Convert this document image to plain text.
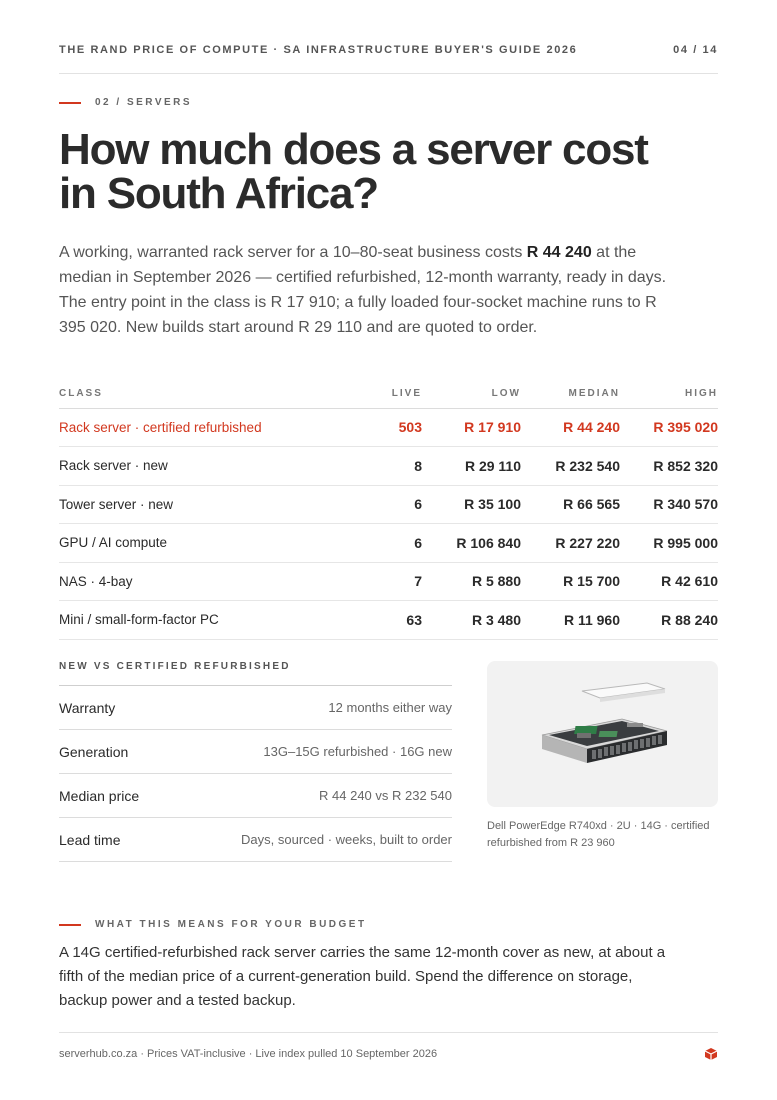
THE RAND PRICE OF COMPUTE · SA INFRASTRUCTURE BUYER'S GUIDE 2026	04 / 14
02 / SERVERS
How much does a server cost in South Africa?

A working, warranted rack server for a 10–80-seat business costs R 44 240 at the median in September 2026 — certified refurbished, 12-month warranty, ready in days. The entry point in the class is R 17 910; a fully loaded four-socket machine runs to R 395 020. New builds start around R 29 110 and are quoted to order.

CLASS	LIVE	LOW	MEDIAN	HIGH
Rack server · certified refurbished	503	R 17 910	R 44 240	R 395 020
Rack server · new	8	R 29 110	R 232 540	R 852 320
Tower server · new	6	R 35 100	R 66 565	R 340 570
GPU / AI compute	6	R 106 840	R 227 220	R 995 000
NAS · 4-bay	7	R 5 880	R 15 700	R 42 610
Mini / small-form-factor PC	63	R 3 480	R 11 960	R 88 240
NEW VS CERTIFIED REFURBISHED
Warranty	12 months either way
Generation	13G–15G refurbished · 16G new
Median price	R 44 240 vs R 232 540
Lead time	Days, sourced · weeks, built to order
Dell PowerEdge R740xd · 2U · 14G · certified refurbished from R 23 960
WHAT THIS MEANS FOR YOUR BUDGET

A 14G certified-refurbished rack server carries the same 12-month cover as new, at about a fifth of the median price of a current-generation build. Spend the difference on storage, backup power and a tested backup.

serverhub.co.za · Prices VAT-inclusive · Live index pulled 10 September 2026
